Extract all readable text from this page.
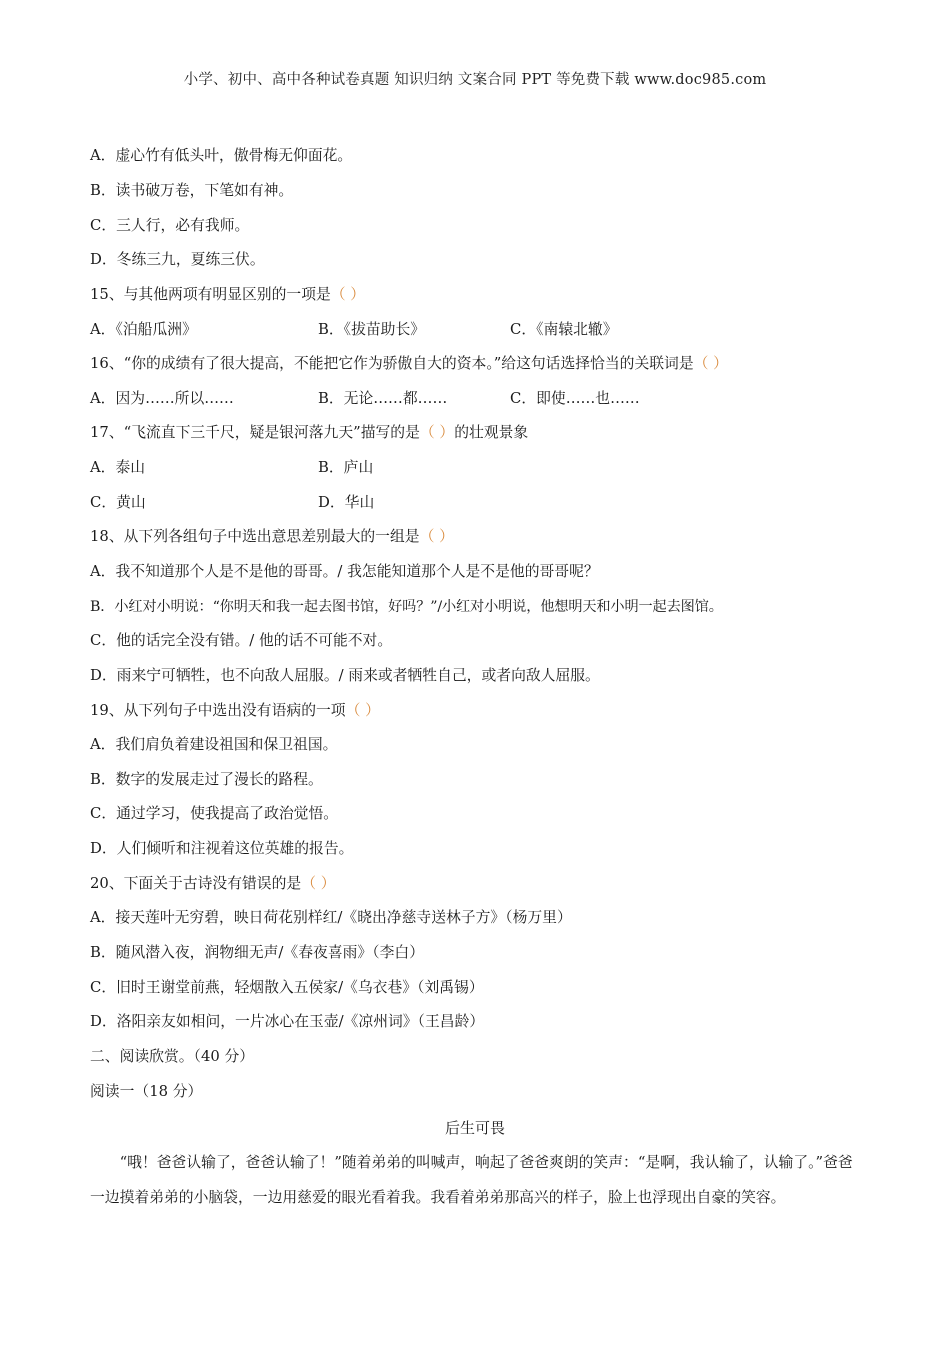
小学、初中、高中各种试卷真题 知识归纳 文案合同 PPT 等免费下载 www.doc985.com
A．虚心竹有低头叶，傲骨梅无仰面花。
B．读书破万卷，下笔如有神。
C．三人行，必有我师。
D．冬练三九，夏练三伏。
15、与其他两项有明显区别的一项是（ ）
A．《泊船瓜洲》	B．《拔苗助长》	C．《南辕北辙》
16、“你的成绩有了很大提高，不能把它作为骄傲自大的资本。”给这句话选择恰当的关联词是（ ）
A．因为……所以……	B．无论……都……	C．即使……也……
17、“飞流直下三千尺，疑是银河落九天”描写的是（ ）的壮观景象
A．泰山	B．庐山
C．黄山	D．华山
18、从下列各组句子中选出意思差别最大的一组是（ ）
A．我不知道那个人是不是他的哥哥。/ 我怎能知道那个人是不是他的哥哥呢？
B．小红对小明说：“你明天和我一起去图书馆，好吗？”/小红对小明说，他想明天和小明一起去图馆。
C．他的话完全没有错。/ 他的话不可能不对。
D．雨来宁可牺牲，也不向敌人屈服。/ 雨来或者牺牲自己，或者向敌人屈服。
19、从下列句子中选出没有语病的一项（ ）
A．我们肩负着建设祖国和保卫祖国。
B．数字的发展走过了漫长的路程。
C．通过学习，使我提高了政治觉悟。
D．人们倾听和注视着这位英雄的报告。
20、下面关于古诗没有错误的是（ ）
A．接天莲叶无穷碧，映日荷花别样红/《晓出净慈寺送林子方》（杨万里）
B．随风潜入夜，润物细无声/《春夜喜雨》（李白）
C．旧时王谢堂前燕，轻烟散入五侯家/《乌衣巷》（刘禹锡）
D．洛阳亲友如相问，一片冰心在玉壶/《凉州词》（王昌龄）
二、阅读欣赏。（40 分）
阅读一（18 分）
后生可畏
“哦！爸爸认输了，爸爸认输了！”随着弟弟的叫喊声，响起了爸爸爽朗的笑声：“是啊，我认输了，认输了。”爸爸一边摸着弟弟的小脑袋，一边用慈爱的眼光看着我。我看着弟弟那高兴的样子，脸上也浮现出自豪的笑容。
